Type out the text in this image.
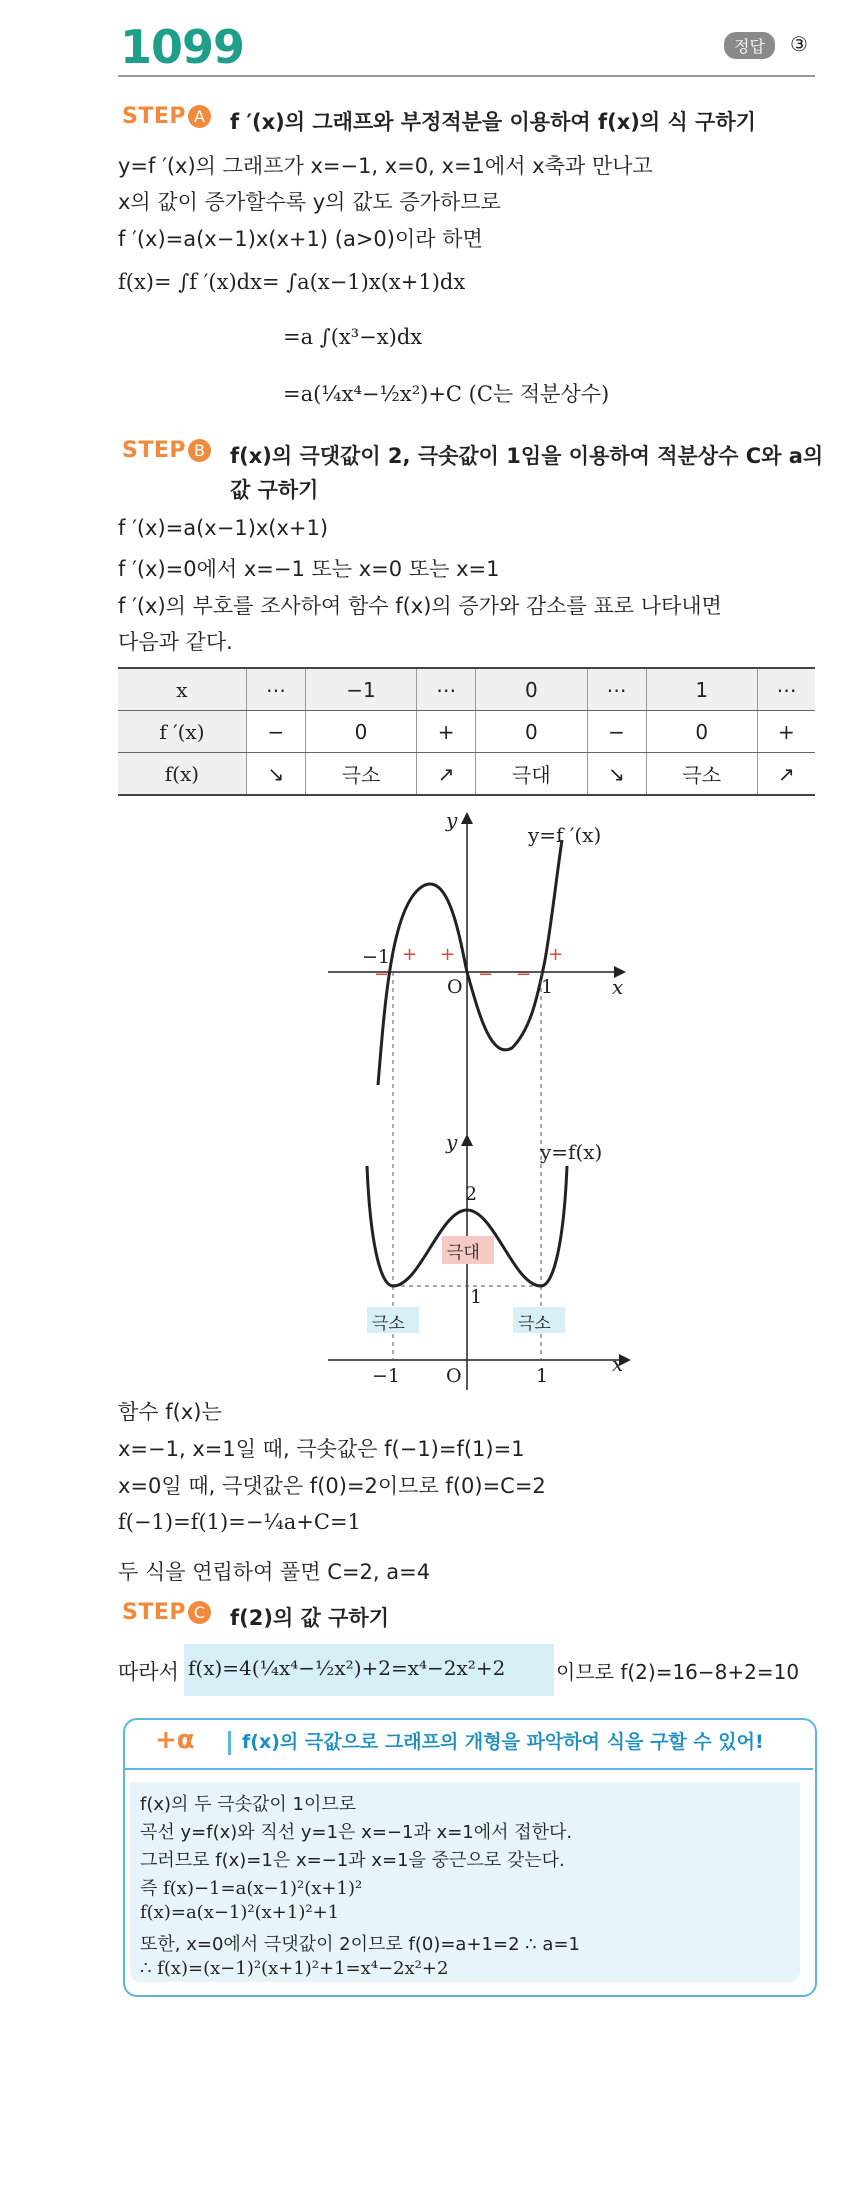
1099	정답	③
STEP A f ′(x)의 그래프와 부정적분을 이용하여 f(x)의 식 구하기
y=f ′(x)의 그래프가 x=−1, x=0, x=1에서 x축과 만나고
x의 값이 증가할수록 y의 값도 증가하므로
f ′(x)=a(x−1)x(x+1) (a>0)이라 하면
f(x)= ∫f ′(x)dx= ∫a(x−1)x(x+1)dx
=a ∫(x³−x)dx
=a(¼x⁴−½x²)+C (C는 적분상수)
STEP B f(x)의 극댓값이 2, 극솟값이 1임을 이용하여 적분상수 C와 a의
값 구하기
f ′(x)=a(x−1)x(x+1)
f ′(x)=0에서 x=−1 또는 x=0 또는 x=1
f ′(x)의 부호를 조사하여 함수 f(x)의 증가와 감소를 표로 나타내면
다음과 같다.
x	⋯	−1	⋯	0	⋯	1	⋯
f ′(x)	−	0	+	0	−	0	+
f(x)	↘	극소	↗	극대	↘	극소	↗
y
x
y=f ′(x)
O
−1
1
+ +
−	− −
+
y
x
y=f(x)
2
1
극대
극소	극소
−1 O	1
함수 f(x)는
x=−1, x=1일 때, 극솟값은 f(−1)=f(1)=1
x=0일 때, 극댓값은 f(0)=2이므로 f(0)=C=2
f(−1)=f(1)=−¼a+C=1
두 식을 연립하여 풀면 C=2, a=4
STEP C f(2)의 값 구하기
따라서 f(x)=4(¼x⁴−½x²)+2=x⁴−2x²+2	이므로 f(2)=16−8+2=10
+α f(x)의 극값으로 그래프의 개형을 파악하여 식을 구할 수 있어!
f(x)의 두 극솟값이 1이므로
곡선 y=f(x)와 직선 y=1은 x=−1과 x=1에서 접한다.
그러므로 f(x)=1은 x=−1과 x=1을 중근으로 갖는다.
즉 f(x)−1=a(x−1)²(x+1)²
f(x)=a(x−1)²(x+1)²+1
또한, x=0에서 극댓값이 2이므로 f(0)=a+1=2 ∴ a=1
∴ f(x)=(x−1)²(x+1)²+1=x⁴−2x²+2
